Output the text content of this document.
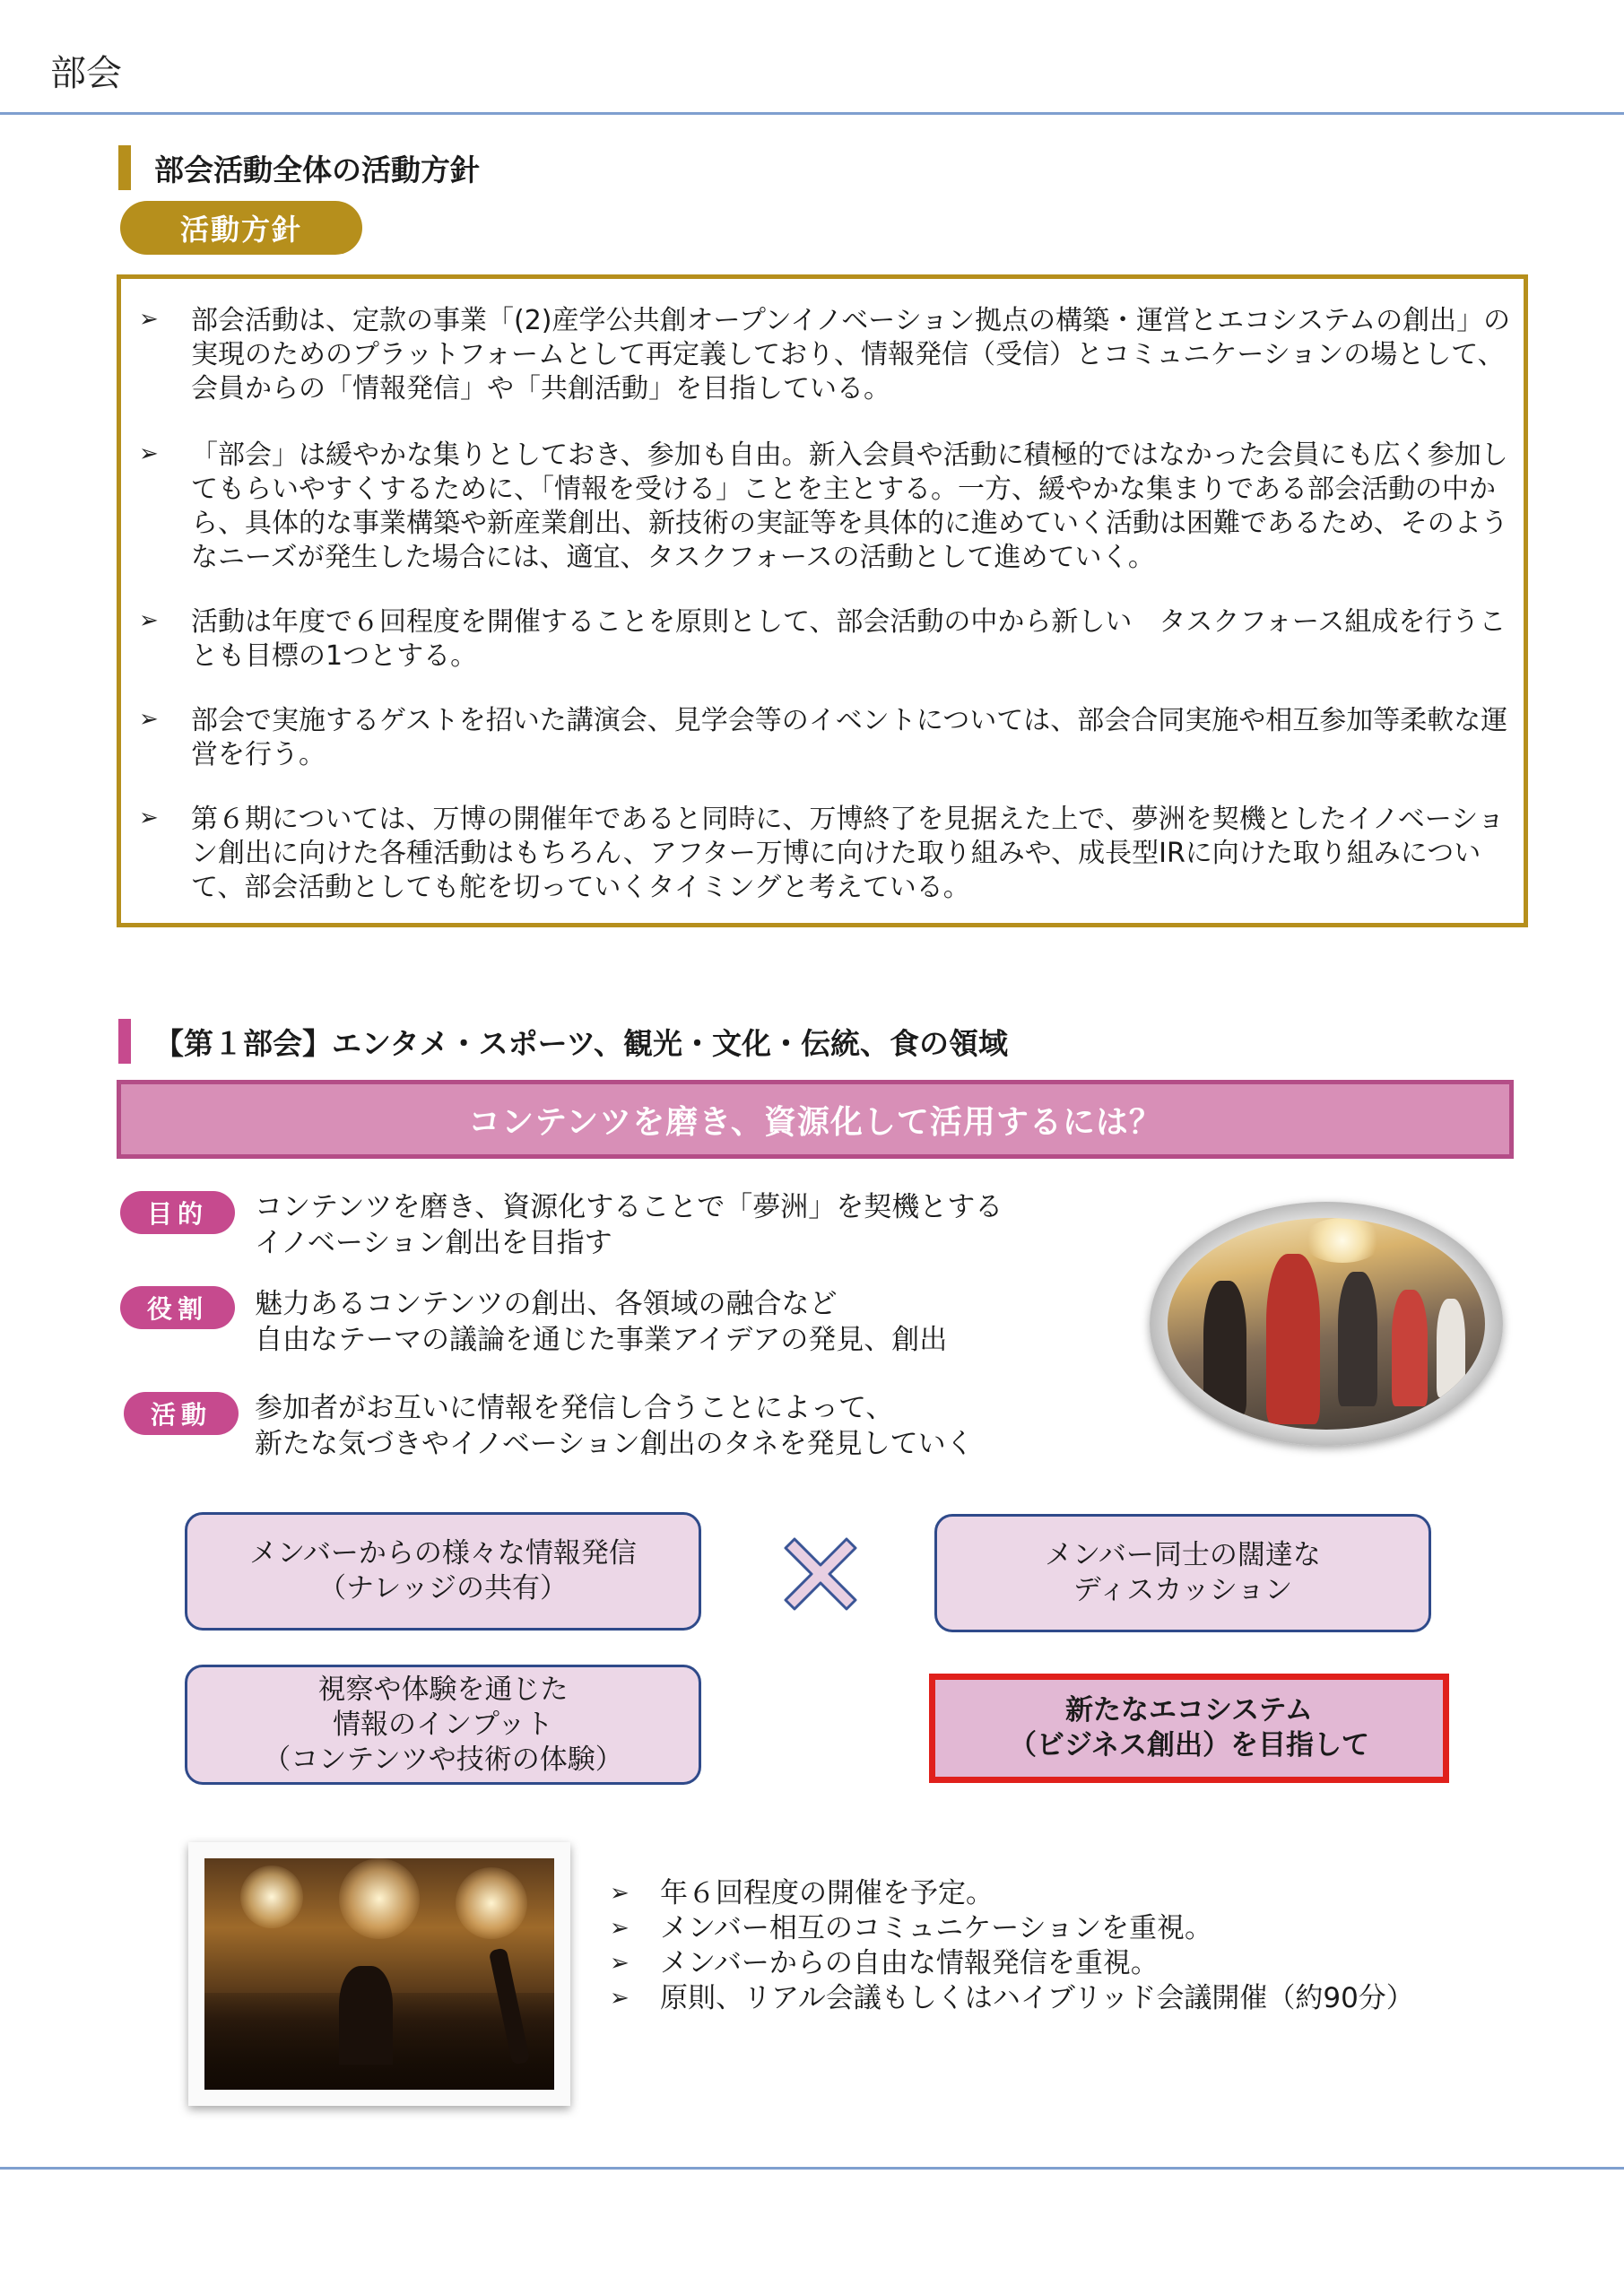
部会
部会活動全体の活動方針
活動方針
➢ 部会活動は、定款の事業「(2)産学公共創オープンイノベーション拠点の構築・運営とエコシステムの創出」の実現のためのプラットフォームとして再定義しており、情報発信（受信）とコミュニケーションの場として、会員からの「情報発信」や「共創活動」を目指している。
➢ 「部会」は緩やかな集りとしておき、参加も自由。新入会員や活動に積極的ではなかった会員にも広く参加してもらいやすくするために、「情報を受ける」ことを主とする。一方、緩やかな集まりである部会活動の中から、具体的な事業構築や新産業創出、新技術の実証等を具体的に進めていく活動は困難であるため、そのようなニーズが発生した場合には、適宜、タスクフォースの活動として進めていく。
➢ 活動は年度で６回程度を開催することを原則として、部会活動の中から新しい　タスクフォース組成を行うことも目標の1つとする。
➢ 部会で実施するゲストを招いた講演会、見学会等のイベントについては、部会合同実施や相互参加等柔軟な運営を行う。
➢ 第６期については、万博の開催年であると同時に、万博終了を見据えた上で、夢洲を契機としたイノベーション創出に向けた各種活動はもちろん、アフター万博に向けた取り組みや、成長型IRに向けた取り組みについて、部会活動としても舵を切っていくタイミングと考えている。
【第１部会】エンタメ・スポーツ、観光・文化・伝統、食の領域
コンテンツを磨き、資源化して活用するには？
目的	コンテンツを磨き、資源化することで「夢洲」を契機とする
イノベーション創出を目指す
役割	魅力あるコンテンツの創出、各領域の融合など
自由なテーマの議論を通じた事業アイデアの発見、創出
活動	参加者がお互いに情報を発信し合うことによって、
新たな気づきやイノベーション創出のタネを発見していく
メンバーからの様々な情報発信
（ナレッジの共有）
メンバー同士の闊達な
ディスカッション
視察や体験を通じた
情報のインプット
（コンテンツや技術の体験）
新たなエコシステム
（ビジネス創出）を目指して
➢ 年６回程度の開催を予定。
➢ メンバー相互のコミュニケーションを重視。
➢ メンバーからの自由な情報発信を重視。
➢ 原則、リアル会議もしくはハイブリッド会議開催（約90分）
